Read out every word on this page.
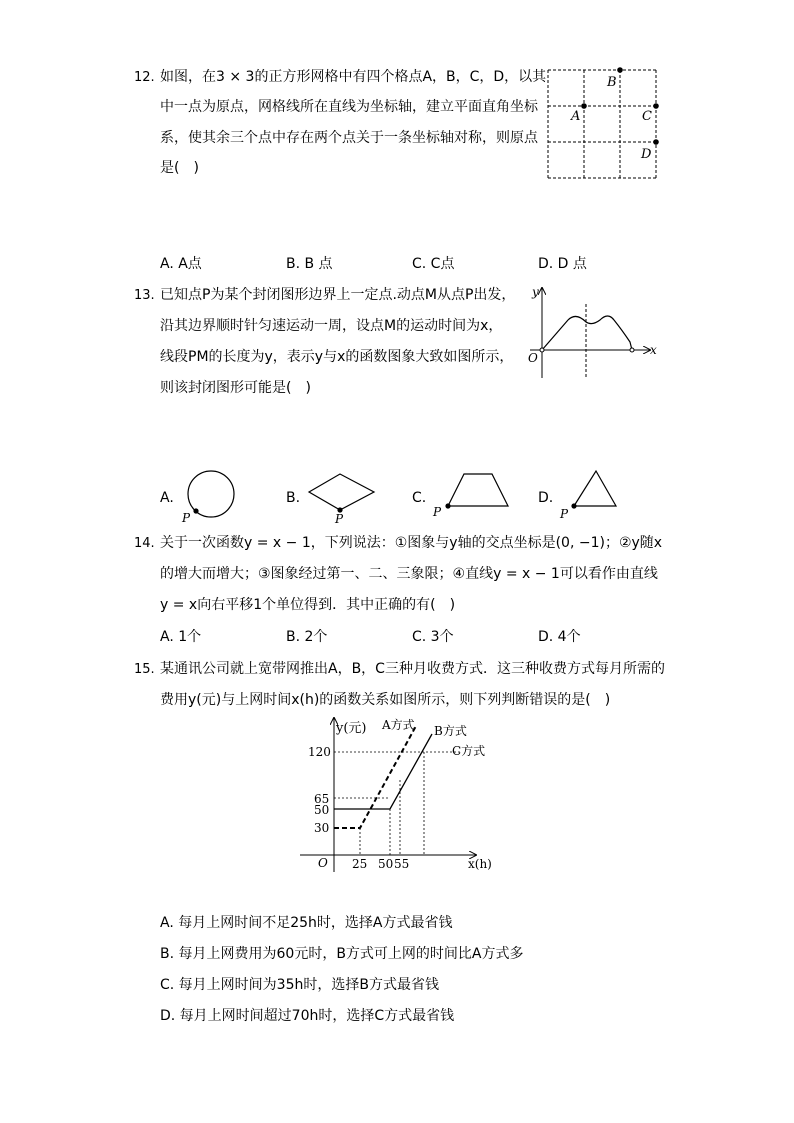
12. 如图，在3 × 3的正方形网格中有四个格点A，B，C，D，以其
中一点为原点，网格线所在直线为坐标轴，建立平面直角坐标
系，使其余三个点中存在两个点关于一条坐标轴对称，则原点
是(　)
B
A	C
D
A. A点	B. B 点	C. C点	D. D 点
13. 已知点P为某个封闭图形边界上一定点.动点M从点P出发，
沿其边界顺时针匀速运动一周，设点M的运动时间为x，
线段PM的长度为y，表示y与x的函数图象大致如图所示，
则该封闭图形可能是(　)
y
x
O
A.
P
B.
P
C.
P
D.
P
14. 关于一次函数y = x − 1，下列说法：①图象与y轴的交点坐标是(0, −1)；②y随x
的增大而增大；③图象经过第一、二、三象限；④直线y = x − 1可以看作由直线
y = x向右平移1个单位得到．其中正确的有(　)
A. 1个	B. 2个	C. 3个	D. 4个
15. 某通讯公司就上宽带网推出A，B，C三种月收费方式．这三种收费方式每月所需的
费用y(元)与上网时间x(h)的函数关系如图所示，则下列判断错误的是(　)
y(元)
x(h)
O
A方式 B方式
C方式
120
65
50
30
25 50 55
A. 每月上网时间不足25h时，选择A方式最省钱
B. 每月上网费用为60元时，B方式可上网的时间比A方式多
C. 每月上网时间为35h时，选择B方式最省钱
D. 每月上网时间超过70h时，选择C方式最省钱
